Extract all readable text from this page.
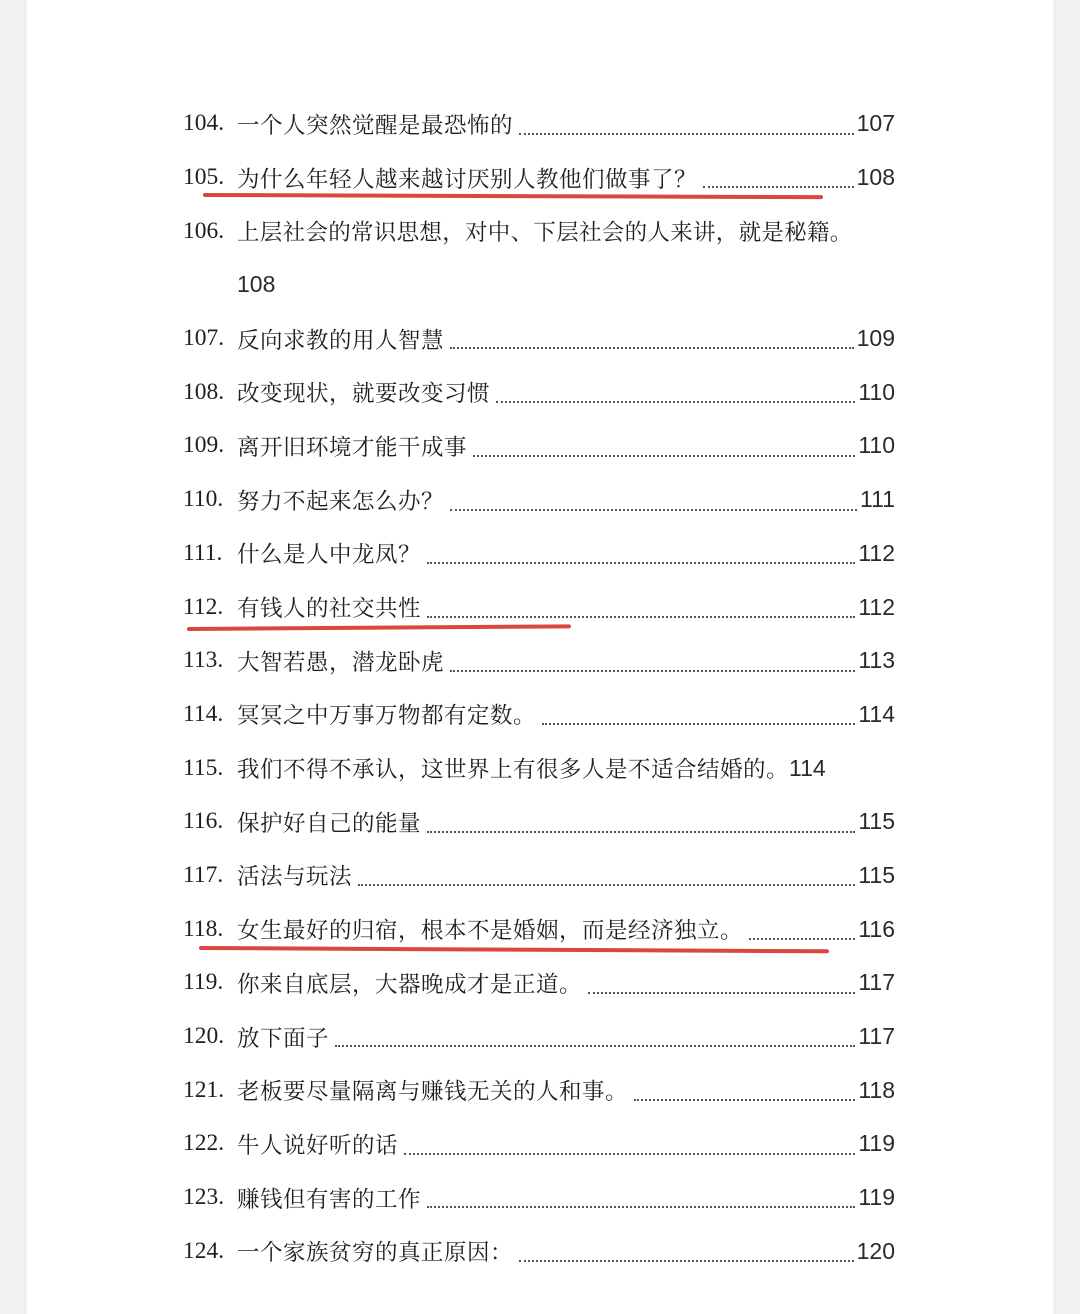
104. 一个人突然觉醒是最恐怖的	107
105. 为什么年轻人越来越讨厌别人教他们做事了？	108
106. 上层社会的常识思想，对中、下层社会的人来讲，就是秘籍。
108
107. 反向求教的用人智慧	109
108. 改变现状，就要改变习惯	110
109. 离开旧环境才能干成事	110
110. 努力不起来怎么办？	111
111. 什么是人中龙凤？	112
112. 有钱人的社交共性	112
113. 大智若愚，潜龙卧虎	113
114. 冥冥之中万事万物都有定数。	114
115. 我们不得不承认，这世界上有很多人是不适合结婚的。 114
116. 保护好自己的能量	115
117. 活法与玩法	115
118. 女生最好的归宿，根本不是婚姻，而是经济独立。	116
119. 你来自底层，大器晚成才是正道。	117
120. 放下面子	117
121. 老板要尽量隔离与赚钱无关的人和事。	118
122. 牛人说好听的话	119
123. 赚钱但有害的工作	119
124. 一个家族贫穷的真正原因：	120
